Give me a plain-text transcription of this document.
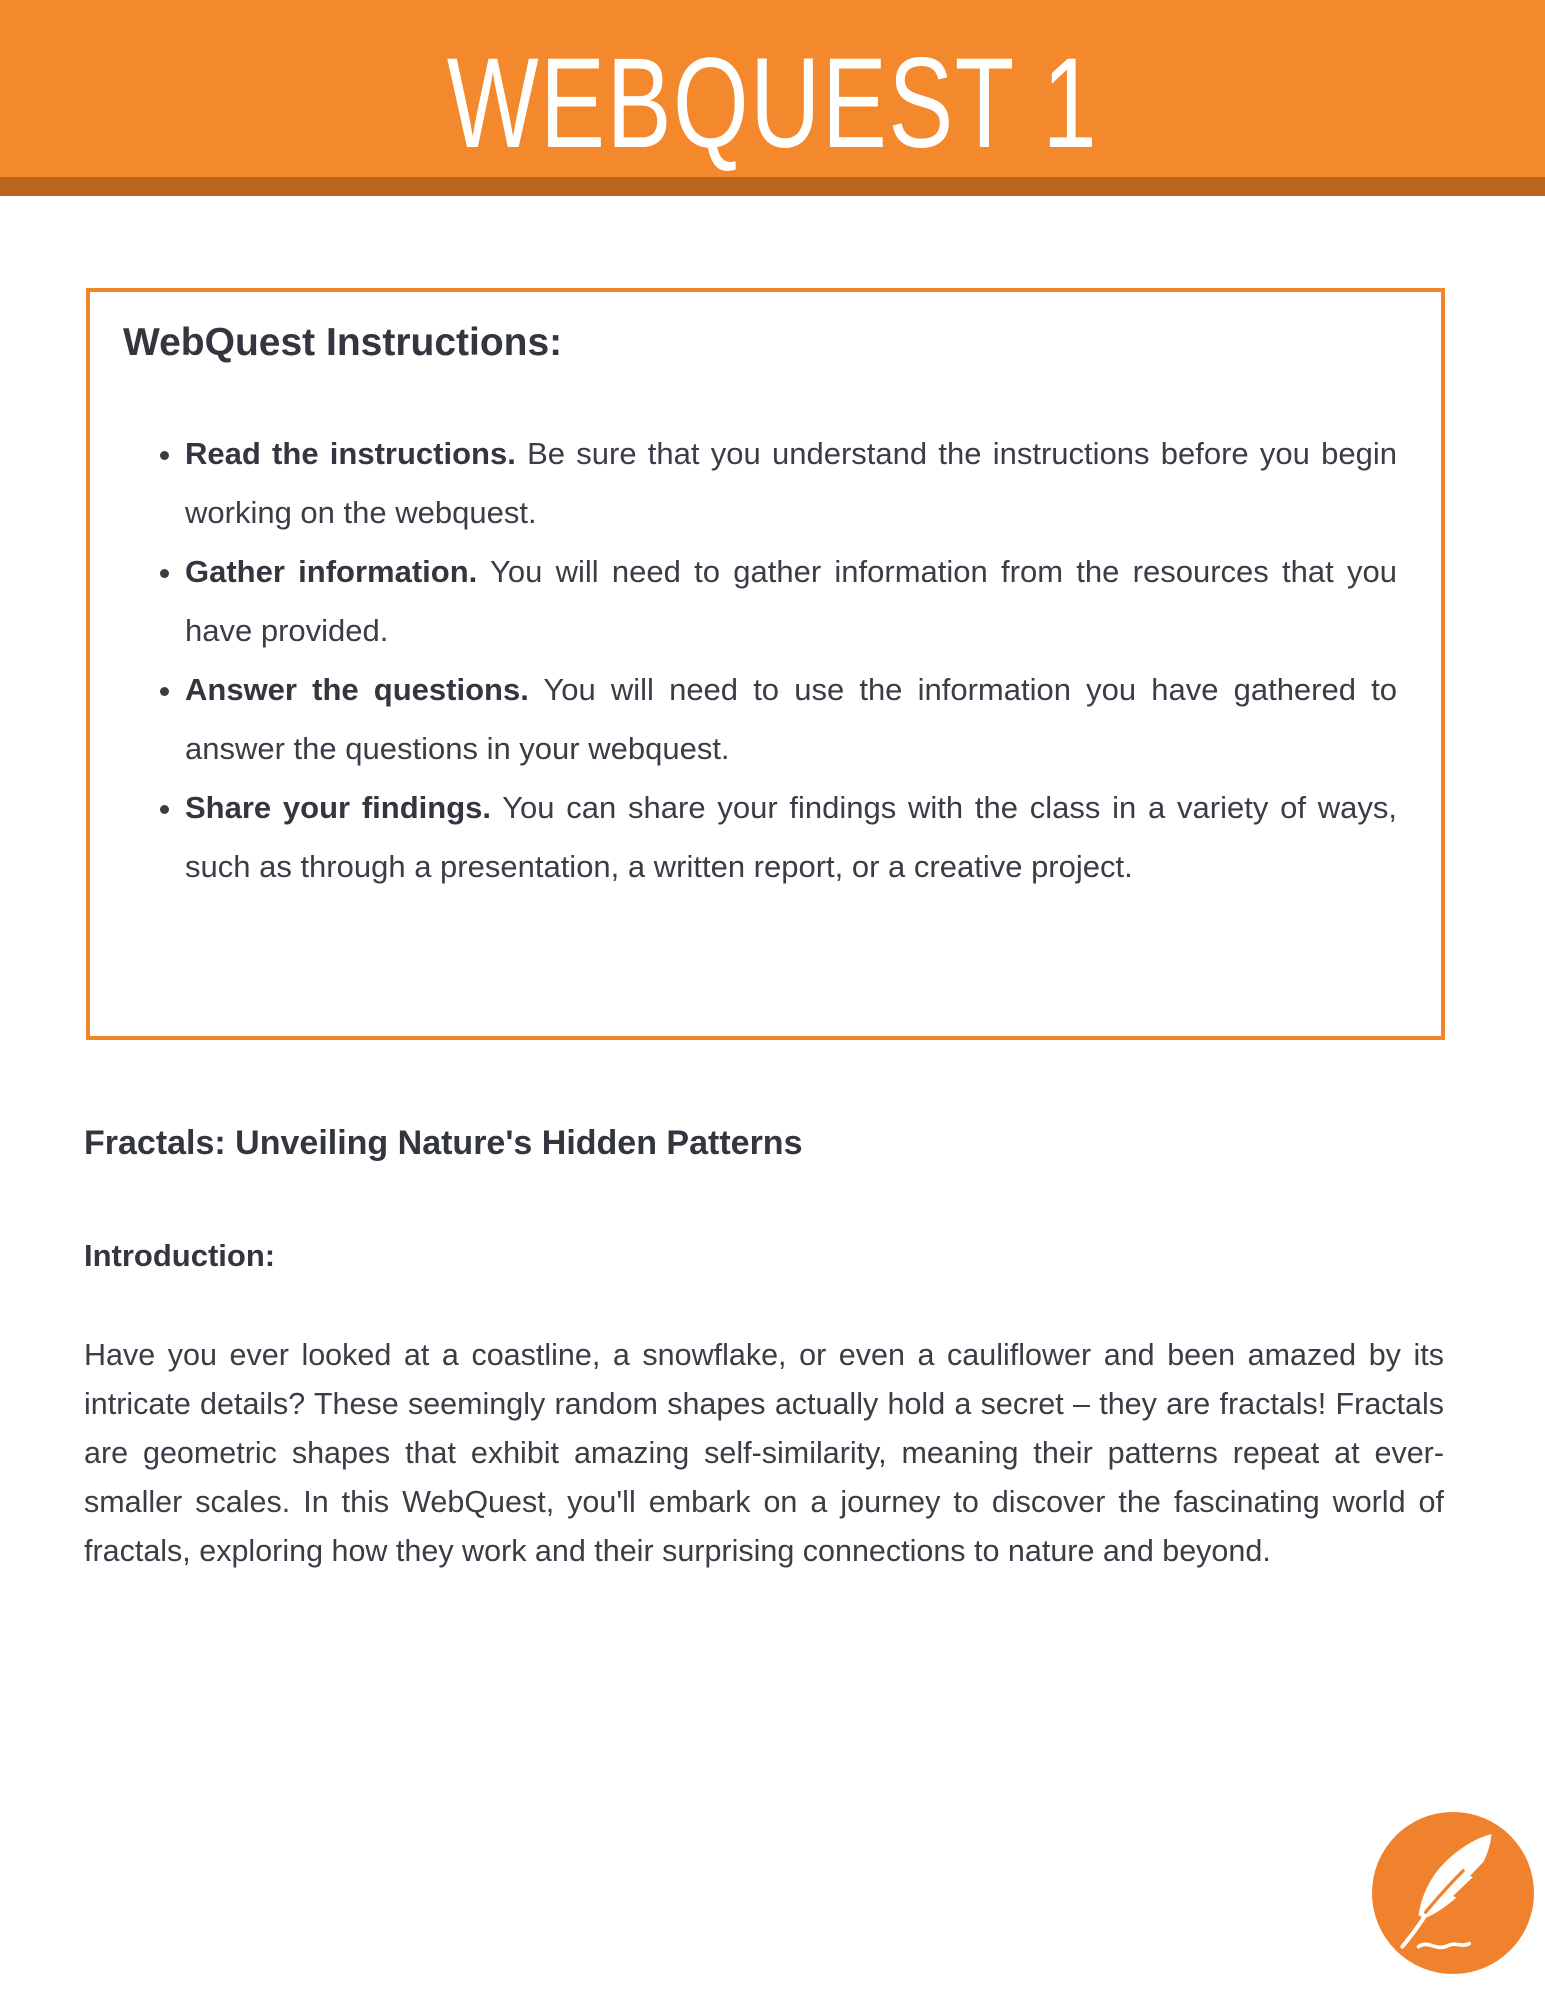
WEBQUEST 1
WebQuest Instructions:
• Read the instructions. Be sure that you understand the instructions before you begin working on the webquest.
• Gather information. You will need to gather information from the resources that you have provided.
• Answer the questions. You will need to use the information you have gathered to answer the questions in your webquest.
• Share your findings. You can share your findings with the class in a variety of ways, such as through a presentation, a written report, or a creative project.
Fractals: Unveiling Nature's Hidden Patterns
Introduction:

Have you ever looked at a coastline, a snowflake, or even a cauliflower and been amazed by its intricate details? These seemingly random shapes actually hold a secret – they are fractals! Fractals are geometric shapes that exhibit amazing self-similarity, meaning their patterns repeat at ever-smaller scales. In this WebQuest, you'll embark on a journey to discover the fascinating world of fractals, exploring how they work and their surprising connections to nature and beyond.
